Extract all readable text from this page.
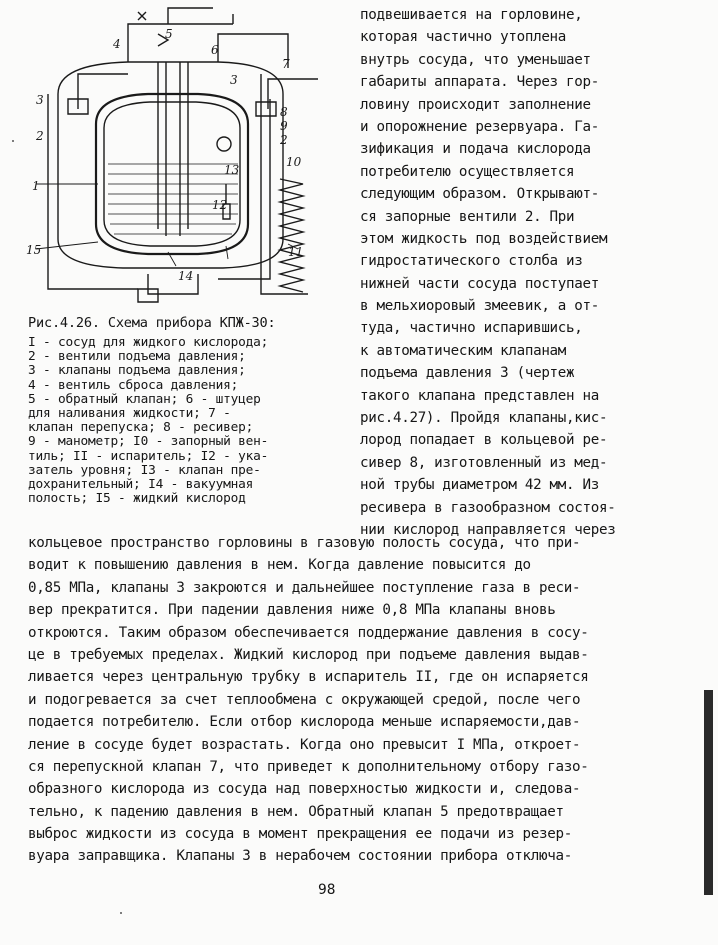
4
5
6
7
3
3
2
8
9
2
10
13
12
1
15
14
11
Рис.4.26. Схема прибора КПЖ-30:
I - сосуд для жидкого кислорода;
2 - вентили подъема давления;
3 - клапаны подъема давления;
4 - вентиль сброса давления;
5 - обратный клапан; 6 - штуцер
для наливания жидкости; 7 -
клапан перепуска; 8 - ресивер;
9 - манометр; I0 - запорный вен-
тиль; II - испаритель; I2 - ука-
затель уровня; I3 - клапан пре-
дохранительный; I4 - вакуумная
полость; I5 - жидкий кислород
подвешивается на горловине,
которая частично утоплена
внутрь сосуда, что уменьшает
габариты аппарата. Через гор-
ловину происходит заполнение
и опорожнение резервуара. Га-
зификация и подача кислорода
потребителю осуществляется
следующим образом. Открывают-
ся запорные вентили 2. При
этом жидкость под воздействием
гидростатического столба из
нижней части сосуда поступает
в мельхиоровый змеевик, а от-
туда, частично испарившись,
к автоматическим клапанам
подъема давления 3 (чертеж
такого клапана представлен на
рис.4.27). Пройдя клапаны,кис-
лород попадает в кольцевой ре-
сивер 8, изготовленный из мед-
ной трубы диаметром 42 мм. Из
ресивера в газообразном состоя-
нии кислород направляется через
кольцевое пространство горловины в газовую полость сосуда, что при-
водит к повышению давления в нем. Когда давление повысится до
0,85 МПа, клапаны 3 закроются и дальнейшее поступление газа в реси-
вер прекратится. При падении давления ниже 0,8 МПа клапаны вновь
откроются. Таким образом обеспечивается поддержание давления в сосу-
це в требуемых пределах. Жидкий кислород при подъеме давления выдав-
ливается через центральную трубку в испаритель II, где он испаряется
и подогревается за счет теплообмена с окружающей средой, после чего
подается потребителю. Если отбор кислорода меньше испаряемости,дав-
ление в сосуде будет возрастать. Когда оно превысит I МПа, откроет-
ся перепускной клапан 7, что приведет к дополнительному отбору газо-
образного кислорода из сосуда над поверхностью жидкости и, следова-
тельно, к падению давления в нем. Обратный клапан 5 предотвращает
выброс жидкости из сосуда в момент прекращения ее подачи из резер-
вуара заправщика. Клапаны 3 в нерабочем состоянии прибора отключа-
98
